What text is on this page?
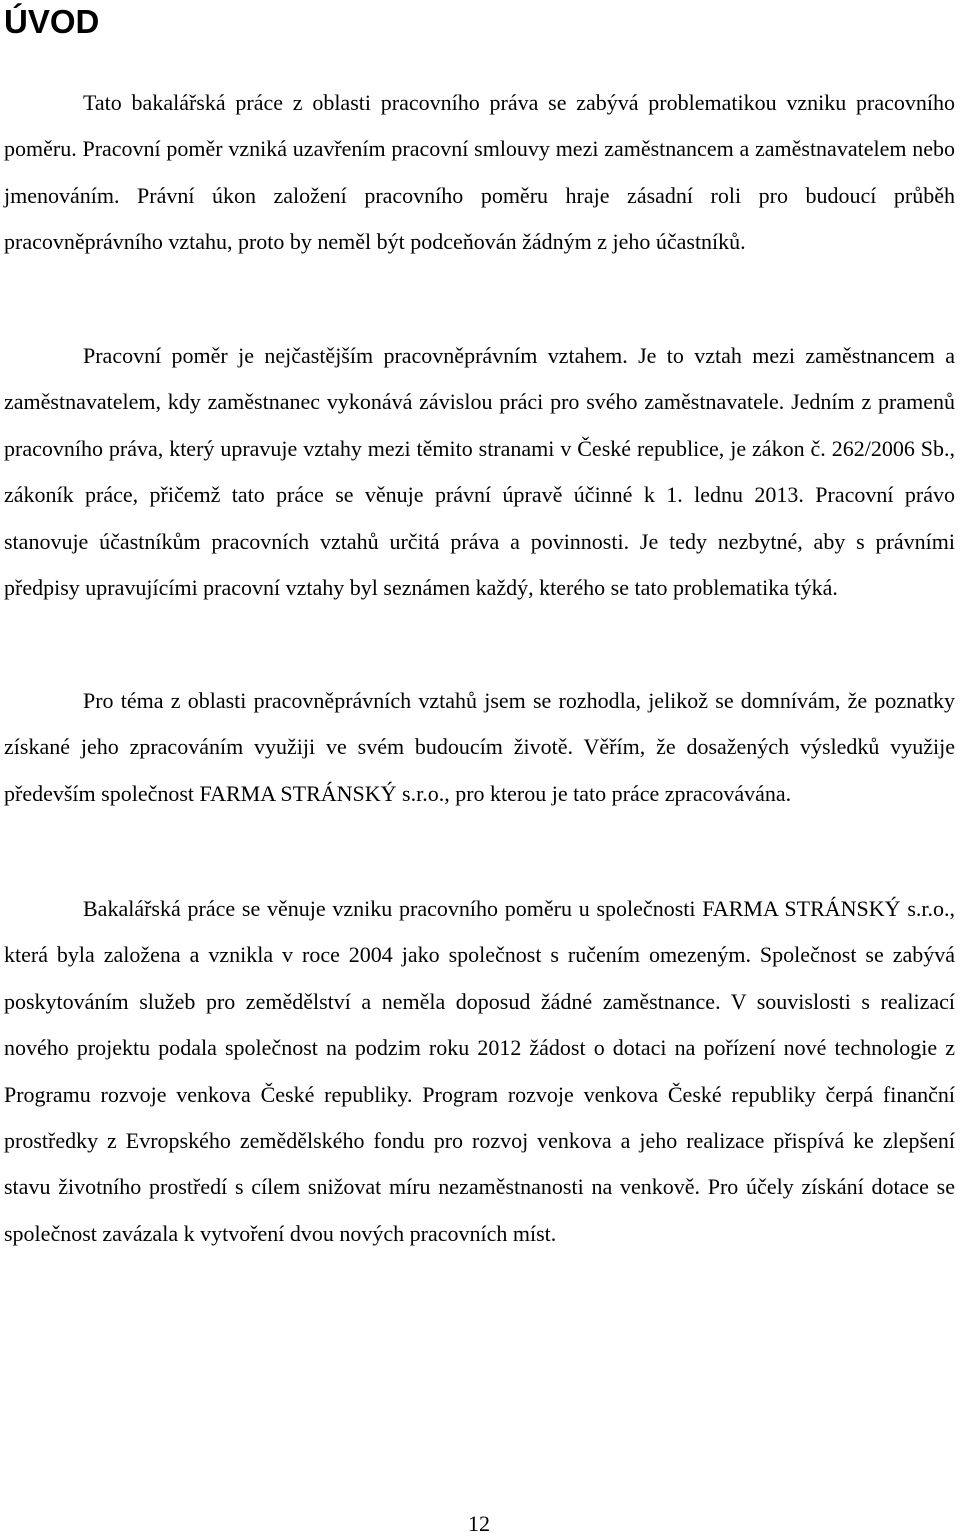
ÚVOD

Tato bakalářská práce z oblasti pracovního práva se zabývá problematikou vzniku pracovního poměru. Pracovní poměr vzniká uzavřením pracovní smlouvy mezi zaměstnancem a zaměstnavatelem nebo jmenováním. Právní úkon založení pracovního poměru hraje zásadní roli pro budoucí průběh pracovněprávního vztahu, proto by neměl být podceňován žádným z jeho účastníků.

Pracovní poměr je nejčastějším pracovněprávním vztahem. Je to vztah mezi zaměstnancem a zaměstnavatelem, kdy zaměstnanec vykonává závislou práci pro svého zaměstnavatele. Jedním z pramenů pracovního práva, který upravuje vztahy mezi těmito stranami v České republice, je zákon č. 262/2006 Sb., zákoník práce, přičemž tato práce se věnuje právní úpravě účinné k 1. lednu 2013. Pracovní právo stanovuje účastníkům pracovních vztahů určitá práva a povinnosti. Je tedy nezbytné, aby s právními předpisy upravujícími pracovní vztahy byl seznámen každý, kterého se tato problematika týká.

Pro téma z oblasti pracovněprávních vztahů jsem se rozhodla, jelikož se domnívám, že poznatky získané jeho zpracováním využiji ve svém budoucím životě. Věřím, že dosažených výsledků využije především společnost FARMA STRÁNSKÝ s.r.o., pro kterou je tato práce zpracovávána.

Bakalářská práce se věnuje vzniku pracovního poměru u společnosti FARMA STRÁNSKÝ s.r.o., která byla založena a vznikla v roce 2004 jako společnost s ručením omezeným. Společnost se zabývá poskytováním služeb pro zemědělství a neměla doposud žádné zaměstnance. V souvislosti s realizací nového projektu podala společnost na podzim roku 2012 žádost o dotaci na pořízení nové technologie z Programu rozvoje venkova České republiky. Program rozvoje venkova České republiky čerpá finanční prostředky z Evropského zemědělského fondu pro rozvoj venkova a jeho realizace přispívá ke zlepšení stavu životního prostředí s cílem snižovat míru nezaměstnanosti na venkově. Pro účely získání dotace se společnost zavázala k vytvoření dvou nových pracovních míst.

12
